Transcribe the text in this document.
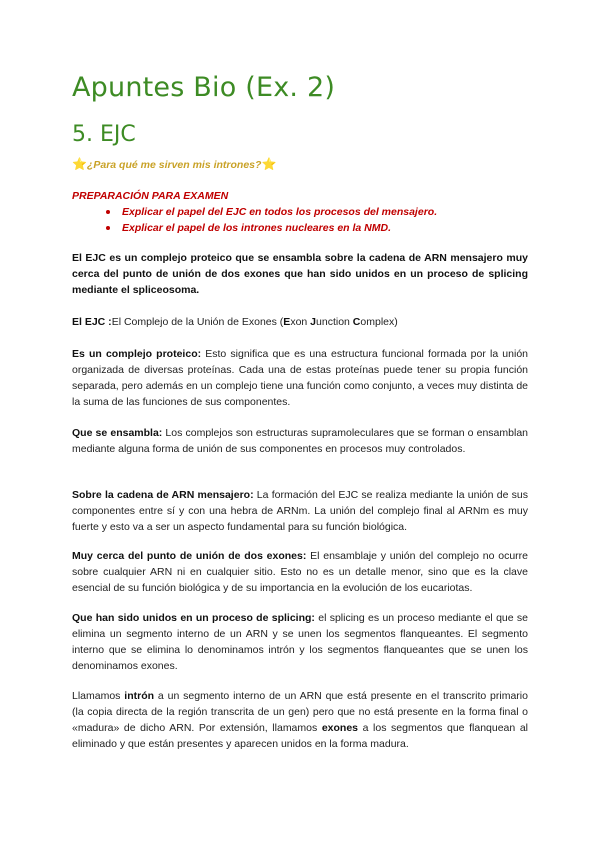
Apuntes Bio (Ex. 2)
5. EJC
⭐¿Para qué me sirven mis intrones?⭐
PREPARACIÓN PARA EXAMEN
Explicar el papel del EJC en todos los procesos del mensajero.
Explicar el papel de los intrones nucleares en la NMD.

El EJC es un complejo proteico que se ensambla sobre la cadena de ARN mensajero muy cerca del punto de unión de dos exones que han sido unidos en un proceso de splicing mediante el spliceosoma.

El EJC :El Complejo de la Unión de Exones (Exon Junction Complex)

Es un complejo proteico: Esto significa que es una estructura funcional formada por la unión organizada de diversas proteínas. Cada una de estas proteínas puede tener su propia función separada, pero además en un complejo tiene una función como conjunto, a veces muy distinta de la suma de las funciones de sus componentes.

Que se ensambla: Los complejos son estructuras supramoleculares que se forman o ensamblan mediante alguna forma de unión de sus componentes en procesos muy controlados.

Sobre la cadena de ARN mensajero: La formación del EJC se realiza mediante la unión de sus componentes entre sí y con una hebra de ARNm. La unión del complejo final al ARNm es muy fuerte y esto va a ser un aspecto fundamental para su función biológica.

Muy cerca del punto de unión de dos exones: El ensamblaje y unión del complejo no ocurre sobre cualquier ARN ni en cualquier sitio. Esto no es un detalle menor, sino que es la clave esencial de su función biológica y de su importancia en la evolución de los eucariotas.

Que han sido unidos en un proceso de splicing: el splicing es un proceso mediante el que se elimina un segmento interno de un ARN y se unen los segmentos flanqueantes. El segmento interno que se elimina lo denominamos intrón y los segmentos flanqueantes que se unen los denominamos exones.

Llamamos intrón a un segmento interno de un ARN que está presente en el transcrito primario (la copia directa de la región transcrita de un gen) pero que no está presente en la forma final o «madura» de dicho ARN. Por extensión, llamamos exones a los segmentos que flanquean al eliminado y que están presentes y aparecen unidos en la forma madura.
